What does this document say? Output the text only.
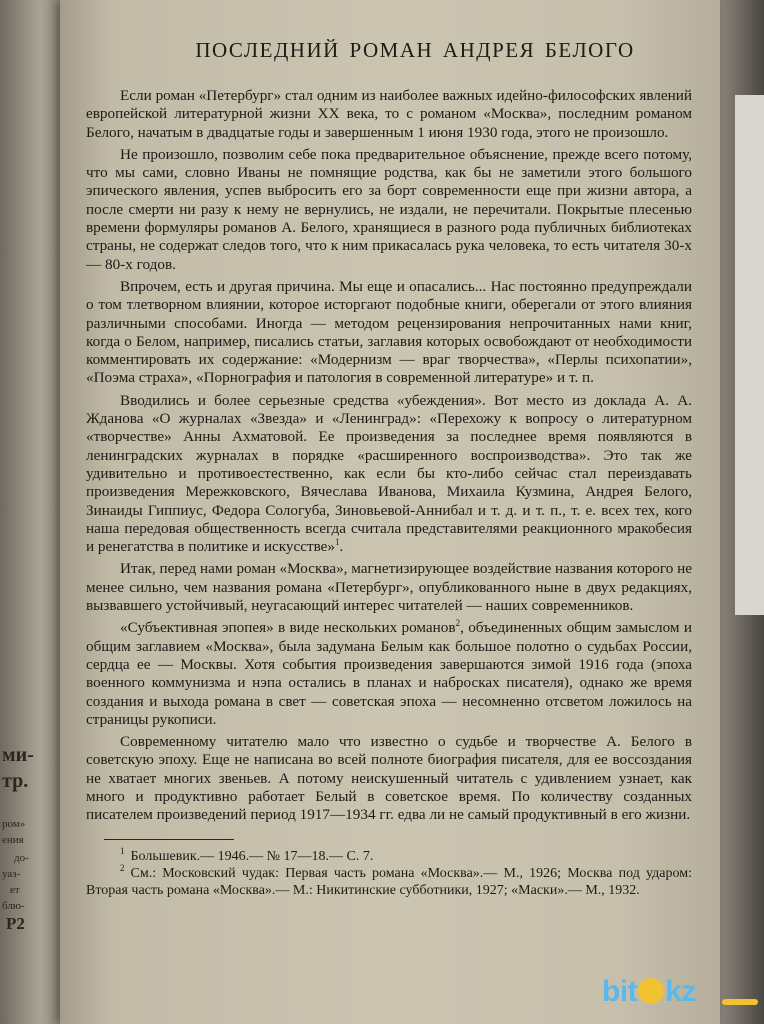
ми-
тр.
ром»
ения
до-
уаз-
ет
блю-
Р2
ПОСЛЕДНИЙ РОМАН АНДРЕЯ БЕЛОГО

Если роман «Петербург» стал одним из наиболее важных идейно-философских явлений европейской литературной жизни XX века, то с романом «Москва», последним романом Белого, начатым в двадцатые годы и завершенным 1 июня 1930 года, этого не произошло.

Не произошло, позволим себе пока предварительное объяснение, прежде всего потому, что мы сами, словно Иваны не помнящие родства, как бы не заметили этого большого эпического явления, успев выбросить его за борт современности еще при жизни автора, а после смерти ни разу к нему не вернулись, не издали, не перечитали. Покрытые плесенью времени формуляры романов А. Белого, хранящиеся в разного рода публичных библиотеках страны, не содержат следов того, что к ним прикасалась рука человека, то есть читателя 30-х — 80-х годов.

Впрочем, есть и другая причина. Мы еще и опасались... Нас постоянно предупреждали о том тлетворном влиянии, которое исторгают подобные книги, оберегали от этого влияния различными способами. Иногда — методом рецензирования непрочитанных нами книг, когда о Белом, например, писались статьи, заглавия которых освобождают от необходимости комментировать их содержание: «Модернизм — враг творчества», «Перлы психопатии», «Поэма страха», «Порнография и патология в современной литературе» и т. п.

Вводились и более серьезные средства «убеждения». Вот место из доклада А. А. Жданова «О журналах «Звезда» и «Ленинград»: «Перехожу к вопросу о литературном «творчестве» Анны Ахматовой. Ее произведения за последнее время появляются в ленинградских журналах в порядке «расширенного воспроизводства». Это так же удивительно и противоестественно, как если бы кто-либо сейчас стал переиздавать произведения Мережковского, Вячеслава Иванова, Михаила Кузмина, Андрея Белого, Зинаиды Гиппиус, Федора Сологуба, Зиновьевой-Аннибал и т. д. и т. п., т. е. всех тех, кого наша передовая общественность всегда считала представителями реакционного мракобесия и ренегатства в политике и искусстве»$^1$.

Итак, перед нами роман «Москва», магнетизирующее воздействие названия которого не менее сильно, чем названия романа «Петербург», опубликованного ныне в двух редакциях, вызвавшего устойчивый, неугасающий интерес читателей — наших современников.

«Субъективная эпопея» в виде нескольких романов$^2$, объединенных общим замыслом и общим заглавием «Москва», была задумана Белым как большое полотно о судьбах России, сердца ее — Москвы. Хотя события произведения завершаются зимой 1916 года (эпоха военного коммунизма и нэпа остались в планах и набросках писателя), однако же время создания и выхода романа в свет — советская эпоха — несомненно отсветом ложилось на страницы рукописи.

Современному читателю мало что известно о судьбе и творчестве А. Белого в советскую эпоху. Еще не написана во всей полноте биография писателя, для ее воссоздания не хватает многих звеньев. А потому неискушенный читатель с удивлением узнает, как много и продуктивно работает Белый в советское время. По количеству созданных писателем произведений период 1917—1934 гг. едва ли не самый продуктивный в его жизни.

$^1$ Большевик.— 1946.— № 17—18.— С. 7.

$^2$ См.: Московский чудак: Первая часть романа «Москва».— М., 1926; Москва под ударом: Вторая часть романа «Москва».— М.: Никитинские субботники, 1927; «Маски».— М., 1932.

bit kz
